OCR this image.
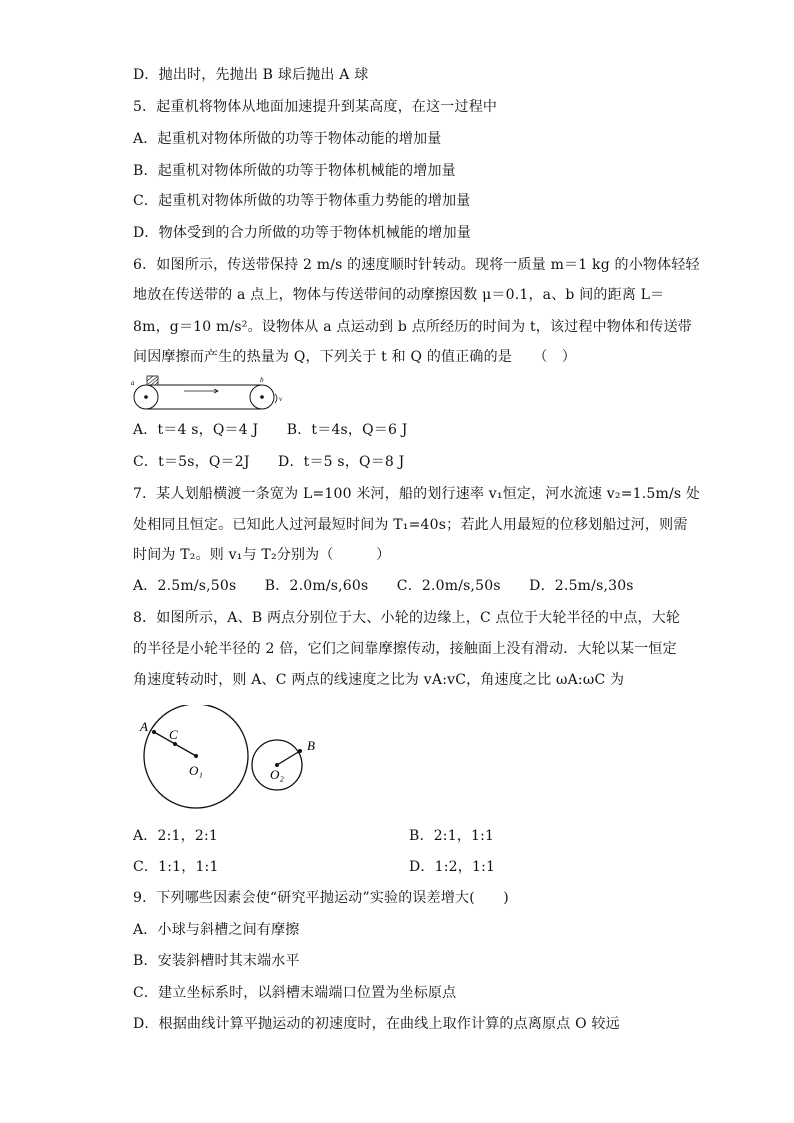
D．抛出时，先抛出 B 球后抛出 A 球
5．起重机将物体从地面加速提升到某高度，在这一过程中
A．起重机对物体所做的功等于物体动能的增加量
B．起重机对物体所做的功等于物体机械能的增加量
C．起重机对物体所做的功等于物体重力势能的增加量
D．物体受到的合力所做的功等于物体机械能的增加量
6．如图所示，传送带保持 2 m/s 的速度顺时针转动。现将一质量 m＝1 kg 的小物体轻轻
地放在传送带的 a 点上，物体与传送带间的动摩擦因数 μ＝0.1，a、b 间的距离 L＝
8m，g＝10 m/s²。设物体从 a 点运动到 b 点所经历的时间为 t，该过程中物体和传送带
间因摩擦而产生的热量为 Q，下列关于 t 和 Q 的值正确的是　　（　）
a	b
v
A．t＝4 s，Q＝4 J　　B．t＝4s，Q＝6 J
C．t＝5s，Q＝2J　　D．t＝5 s，Q＝8 J
7．某人划船横渡一条宽为 L=100 米河，船的划行速率 v₁恒定，河水流速 v₂=1.5m/s 处
处相同且恒定。已知此人过河最短时间为 T₁=40s；若此人用最短的位移划船过河，则需
时间为 T₂。则 v₁与 T₂分别为（　　　）
A．2.5m/s,50s　　B．2.0m/s,60s　　C．2.0m/s,50s　　D．2.5m/s,30s
8．如图所示，A、B 两点分别位于大、小轮的边缘上，C 点位于大轮半径的中点，大轮
的半径是小轮半径的 2 倍，它们之间靠摩擦传动，接触面上没有滑动．大轮以某一恒定
角速度转动时，则 A、C 两点的线速度之比为 vA:vC，角速度之比 ωA:ωC 为
A
C
O₁
B
O₂
A．2:1，2:1	B．2:1，1:1
C．1:1，1:1	D．1:2，1:1
9．下列哪些因素会使“研究平抛运动”实验的误差增大(　　)
A．小球与斜槽之间有摩擦
B．安装斜槽时其末端水平
C．建立坐标系时，以斜槽末端端口位置为坐标原点
D．根据曲线计算平抛运动的初速度时，在曲线上取作计算的点离原点 O 较远
